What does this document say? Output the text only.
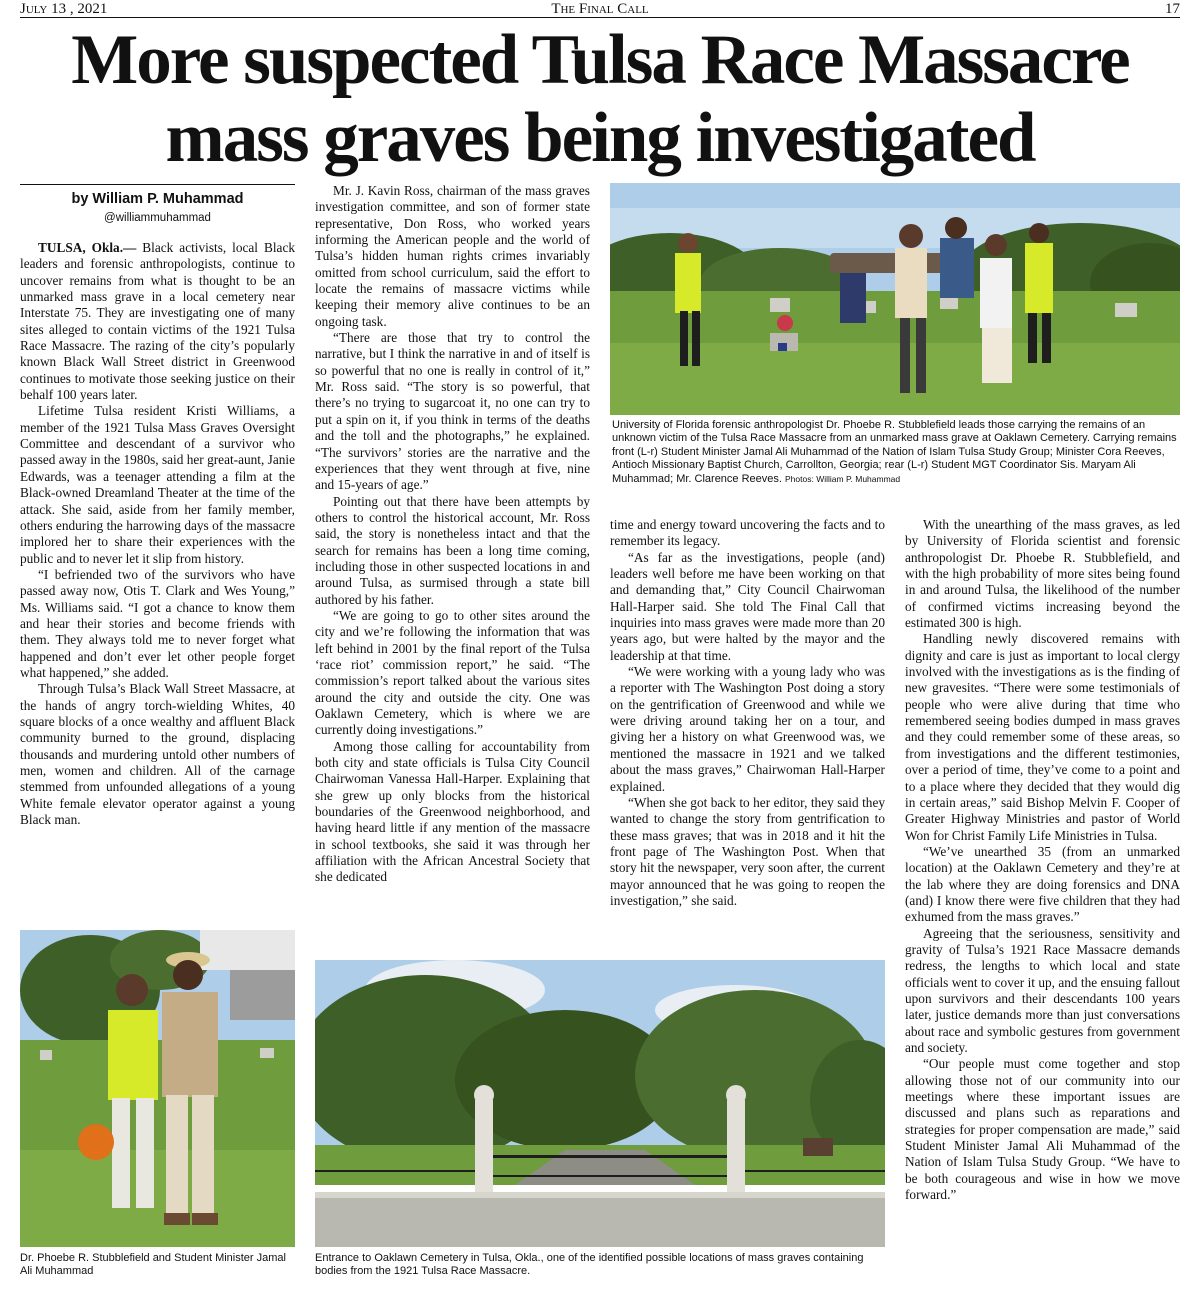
July 13 , 2021	The Final Call	17
More suspected Tulsa Race Massacre
mass graves being investigated
by William P. Muhammad
@williammuhammad

TULSA, Okla.— Black activists, local Black leaders and forensic anthropologists, continue to uncover remains from what is thought to be an unmarked mass grave in a local cemetery near Interstate 75. They are investigating one of many sites alleged to contain victims of the 1921 Tulsa Race Massacre. The razing of the city’s popularly known Black Wall Street district in Greenwood continues to motivate those seeking justice on their behalf 100 years later.

Lifetime Tulsa resident Kristi Williams, a member of the 1921 Tulsa Mass Graves Oversight Committee and descendant of a survivor who passed away in the 1980s, said her great-aunt, Janie Edwards, was a teenager attending a film at the Black-owned Dreamland Theater at the time of the attack. She said, aside from her family member, others enduring the harrowing days of the massacre implored her to share their experiences with the public and to never let it slip from history.

“I befriended two of the survivors who have passed away now, Otis T. Clark and Wes Young,” Ms. Williams said. “I got a chance to know them and hear their stories and become friends with them. They always told me to never forget what happened and don’t ever let other people forget what happened,” she added.

Through Tulsa’s Black Wall Street Massacre, at the hands of angry torch-wielding Whites, 40 square blocks of a once wealthy and affluent Black community burned to the ground, displacing thousands and murdering untold other numbers of men, women and children. All of the carnage stemmed from unfounded allegations of a young White female elevator operator against a young Black man.

Mr. J. Kavin Ross, chairman of the mass graves investigation committee, and son of former state representative, Don Ross, who worked years informing the American people and the world of Tulsa’s hidden human rights crimes invariably omitted from school curriculum, said the effort to locate the remains of massacre victims while keeping their memory alive continues to be an ongoing task.

“There are those that try to control the narrative, but I think the narrative in and of itself is so powerful that no one is really in control of it,” Mr. Ross said. “The story is so powerful, that there’s no trying to sugarcoat it, no one can try to put a spin on it, if you think in terms of the deaths and the toll and the photographs,” he explained. “The survivors’ stories are the narrative and the experiences that they went through at five, nine and 15-years of age.”

Pointing out that there have been attempts by others to control the historical account, Mr. Ross said, the story is nonetheless intact and that the search for remains has been a long time coming, including those in other suspected locations in and around Tulsa, as surmised through a state bill authored by his father.

“We are going to go to other sites around the city and we’re following the information that was left behind in 2001 by the final report of the Tulsa ‘race riot’ commission report,” he said. “The commission’s report talked about the various sites around the city and outside the city. One was Oaklawn Cemetery, which is where we are currently doing investigations.”

Among those calling for accountability from both city and state officials is Tulsa City Council Chairwoman Vanessa Hall-Harper. Explaining that she grew up only blocks from the historical boundaries of the Greenwood neighborhood, and having heard little if any mention of the massacre in school textbooks, she said it was through her affiliation with the African Ancestral Society that she dedicated

University of Florida forensic anthropologist Dr. Phoebe R. Stubblefield leads those carrying the remains of an unknown victim of the Tulsa Race Massacre from an unmarked mass grave at Oaklawn Cemetery. Carrying remains front (L-r) Student Minister Jamal Ali Muhammad of the Nation of Islam Tulsa Study Group; Minister Cora Reeves, Antioch Missionary Baptist Church, Carrollton, Georgia; rear (L-r) Student MGT Coordinator Sis. Maryam Ali Muhammad; Mr. Clarence Reeves. Photos: William P. Muhammad

time and energy toward uncovering the facts and to remember its legacy.

“As far as the investigations, people (and) leaders well before me have been working on that and demanding that,” City Council Chairwoman Hall-Harper said. She told The Final Call that inquiries into mass graves were made more than 20 years ago, but were halted by the mayor and the leadership at that time.

“We were working with a young lady who was a reporter with The Washington Post doing a story on the gentrification of Greenwood and while we were driving around taking her on a tour, and giving her a history on what Greenwood was, we mentioned the massacre in 1921 and we talked about the mass graves,” Chairwoman Hall-Harper explained.

“When she got back to her editor, they said they wanted to change the story from gentrification to these mass graves; that was in 2018 and it hit the front page of The Washington Post. When that story hit the newspaper, very soon after, the current mayor announced that he was going to reopen the investigation,” she said.

With the unearthing of the mass graves, as led by University of Florida scientist and forensic anthropologist Dr. Phoebe R. Stubblefield, and with the high probability of more sites being found in and around Tulsa, the likelihood of the number of confirmed victims increasing beyond the estimated 300 is high.

Handling newly discovered remains with dignity and care is just as important to local clergy involved with the investigations as is the finding of new gravesites. “There were some testimonials of people who were alive during that time who remembered seeing bodies dumped in mass graves and they could remember some of these areas, so from investigations and the different testimonies, over a period of time, they’ve come to a point and to a place where they decided that they would dig in certain areas,” said Bishop Melvin F. Cooper of Greater Highway Ministries and pastor of World Won for Christ Family Life Ministries in Tulsa.

“We’ve unearthed 35 (from an unmarked location) at the Oaklawn Cemetery and they’re at the lab where they are doing forensics and DNA (and) I know there were five children that they had exhumed from the mass graves.”

Agreeing that the seriousness, sensitivity and gravity of Tulsa’s 1921 Race Massacre demands redress, the lengths to which local and state officials went to cover it up, and the ensuing fallout upon survivors and their descendants 100 years later, justice demands more than just conversations about race and symbolic gestures from government and society.

“Our people must come together and stop allowing those not of our community into our meetings where these important issues are discussed and plans such as reparations and strategies for proper compensation are made,” said Student Minister Jamal Ali Muhammad of the Nation of Islam Tulsa Study Group. “We have to be both courageous and wise in how we move forward.”

Dr. Phoebe R. Stubblefield and Student Minister Jamal Ali Muhammad
Entrance to Oaklawn Cemetery in Tulsa, Okla., one of the identified possible locations of mass graves containing bodies from the 1921 Tulsa Race Massacre.
